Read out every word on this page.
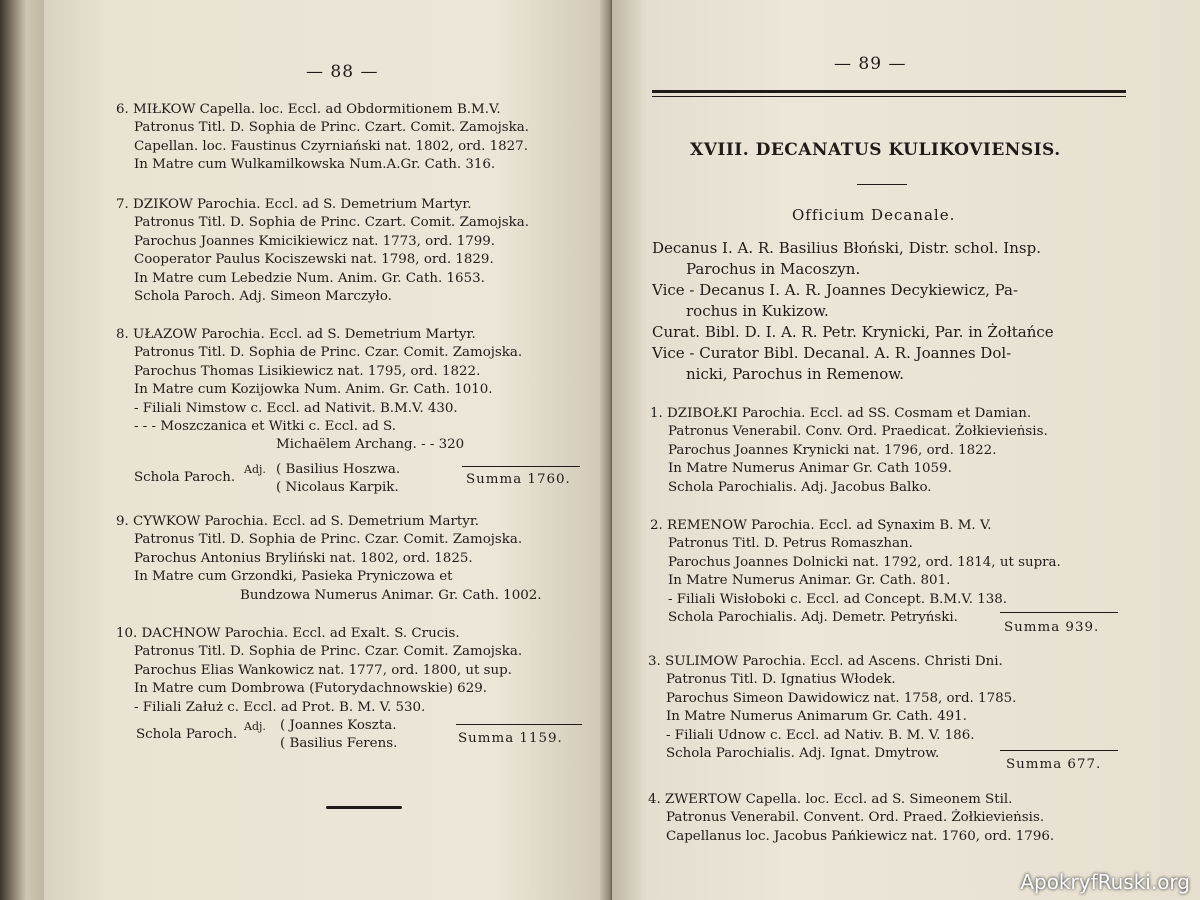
— 88 —
6. MIŁKOW Capella. loc. Eccl. ad Obdormitionem B.M.V.
Patronus Titl. D. Sophia de Princ. Czart. Comit. Zamojska.
Capellan. loc. Faustinus Czyrniański nat. 1802, ord. 1827.
In Matre cum Wulkamilkowska Num.A.Gr. Cath. 316.
7. DZIKOW Parochia. Eccl. ad S. Demetrium Martyr.
Patronus Titl. D. Sophia de Princ. Czart. Comit. Zamojska.
Parochus Joannes Kmicikiewicz nat. 1773, ord. 1799.
Cooperator Paulus Kociszewski nat. 1798, ord. 1829.
In Matre cum Lebedzie Num. Anim. Gr. Cath. 1653.
Schola Paroch. Adj. Simeon Marczyło.
8. UŁAZOW Parochia. Eccl. ad S. Demetrium Martyr.
Patronus Titl. D. Sophia de Princ. Czar. Comit. Zamojska.
Parochus Thomas Lisikiewicz nat. 1795, ord. 1822.
In Matre cum Kozijowka Num. Anim. Gr. Cath. 1010.
- Filiali Nimstow c. Eccl. ad Nativit. B.M.V. 430.
- - - Moszczanica et Witki c. Eccl. ad S.
Michaëlem Archang. - - 320
Schola Paroch.
Adj. ( Basilius Hoszwa.
( Nicolaus Karpik.
Summa 1760.
9. CYWKOW Parochia. Eccl. ad S. Demetrium Martyr.
Patronus Titl. D. Sophia de Princ. Czar. Comit. Zamojska.
Parochus Antonius Bryliński nat. 1802, ord. 1825.
In Matre cum Grzondki, Pasieka Pryniczowa et
Bundzowa Numerus Animar. Gr. Cath. 1002.
10. DACHNOW Parochia. Eccl. ad Exalt. S. Crucis.
Patronus Titl. D. Sophia de Princ. Czar. Comit. Zamojska.
Parochus Elias Wankowicz nat. 1777, ord. 1800, ut sup.
In Matre cum Dombrowa (Futorydachnowskie) 629.
- Filiali Załuż c. Eccl. ad Prot. B. M. V. 530.
Schola Paroch.
Adj. ( Joannes Koszta.
( Basilius Ferens.	Summa 1159.
— 89 —
XVIII. DECANATUS KULIKOVIENSIS.
Officium Decanale.
Decanus I. A. R. Basilius Błoński, Distr. schol. Insp.
Parochus in Macoszyn.
Vice - Decanus I. A. R. Joannes Decykiewicz, Pa-
rochus in Kukizow.
Curat. Bibl. D. I. A. R. Petr. Krynicki, Par. in Żołtańce
Vice - Curator Bibl. Decanal. A. R. Joannes Dol-
nicki, Parochus in Remenow.
1. DZIBOŁKI Parochia. Eccl. ad SS. Cosmam et Damian.
Patronus Venerabil. Conv. Ord. Praedicat. Żołkievieṅsis.
Parochus Joannes Krynicki nat. 1796, ord. 1822.
In Matre Numerus Animar Gr. Cath 1059.
Schola Parochialis. Adj. Jacobus Balko.
2. REMENOW Parochia. Eccl. ad Synaxim B. M. V.
Patronus Titl. D. Petrus Romaszhan.
Parochus Joannes Dolnicki nat. 1792, ord. 1814, ut supra.
In Matre Numerus Animar. Gr. Cath. 801.
- Filiali Wisłoboki c. Eccl. ad Concept. B.M.V. 138.
Schola Parochialis. Adj. Demetr. Petryński.
Summa 939.
3. SULIMOW Parochia. Eccl. ad Ascens. Christi Dni.
Patronus Titl. D. Ignatius Włodek.
Parochus Simeon Dawidowicz nat. 1758, ord. 1785.
In Matre Numerus Animarum Gr. Cath. 491.
- Filiali Udnow c. Eccl. ad Nativ. B. M. V. 186.
Schola Parochialis. Adj. Ignat. Dmytrow.
Summa 677.
4. ZWERTOW Capella. loc. Eccl. ad S. Simeonem Stil.
Patronus Venerabil. Convent. Ord. Praed. Żołkievieṅsis.
Capellanus loc. Jacobus Pańkiewicz nat. 1760, ord. 1796.
ApokryfRuski.org
